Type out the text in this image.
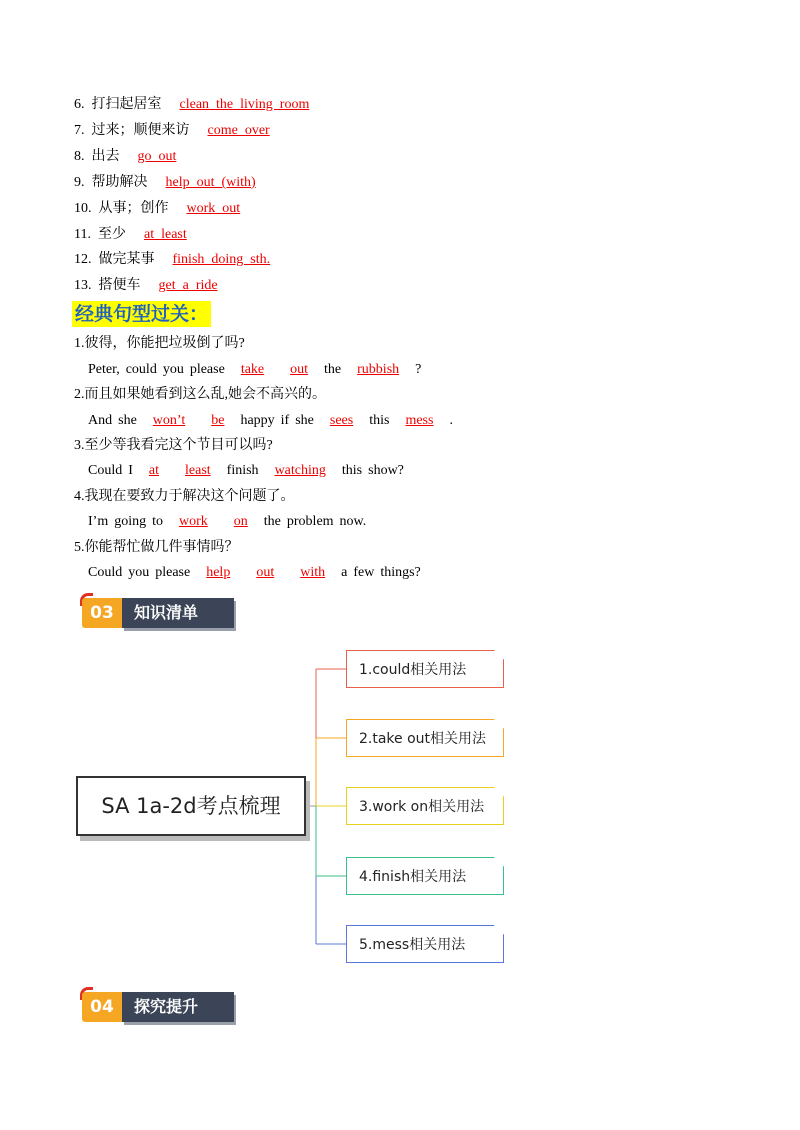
6. 打扫起居室 clean  the  living  room
7. 过来；顺便来访 come  over
8. 出去 go  out
9. 帮助解决 help  out  (with)
10. 从事；创作 work  out
11. 至少 at  least
12. 做完某事 finish  doing  sth.
13. 搭便车 get  a  ride
经典句型过关：
1.彼得，你能把垃圾倒了吗?
Peter, could you please take out the rubbish ?
2.而且如果她看到这么乱,她会不高兴的。
And she won’t be happy if she sees this mess .
3.至少等我看完这个节目可以吗?
Could I at least finish watching this show?
4.我现在要致力于解决这个问题了。
I’m going to work on the problem now.
5.你能帮忙做几件事情吗？
Could you please help out with a few things?
03	知识清单
SA 1a-2d考点梳理
1.could相关用法
2.take out相关用法
3.work on相关用法
4.finish相关用法
5.mess相关用法
04	探究提升
